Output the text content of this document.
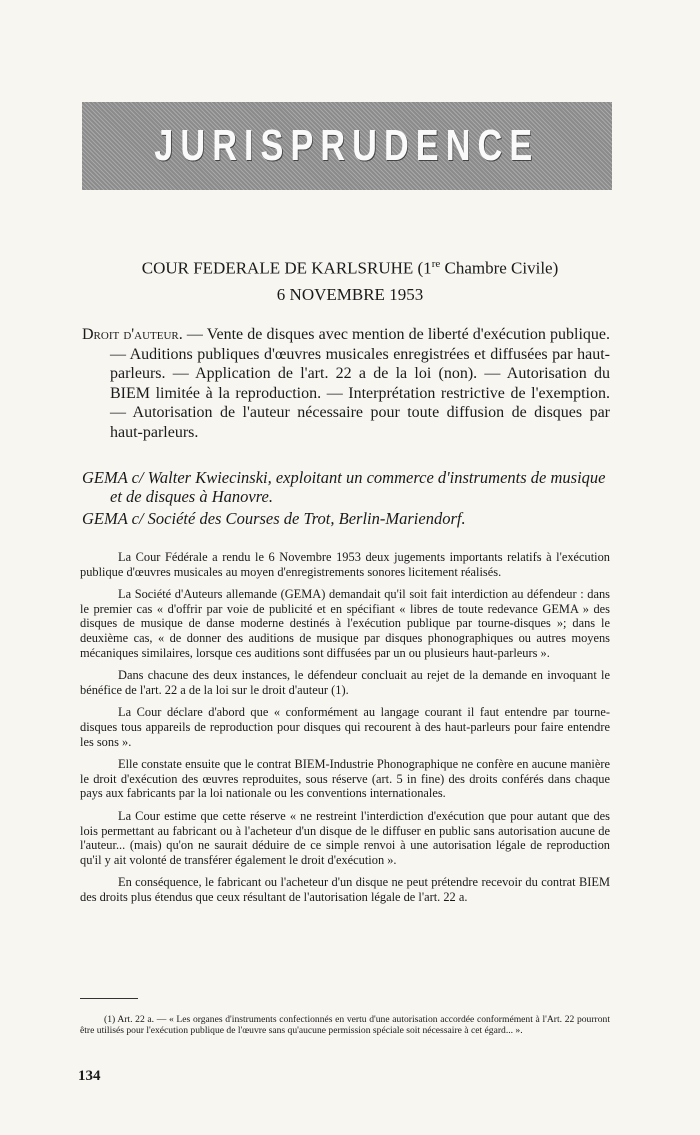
JURISPRUDENCE
COUR FEDERALE DE KARLSRUHE (1re Chambre Civile)
6 NOVEMBRE 1953
Droit d'auteur. — Vente de disques avec mention de liberté d'exécution publique. — Auditions publiques d'œuvres musicales enregistrées et diffusées par haut-parleurs. — Application de l'art. 22 a de la loi (non). — Autorisation du BIEM limitée à la reproduction. — Interprétation restrictive de l'exemption. — Autorisation de l'auteur nécessaire pour toute diffusion de disques par haut-parleurs.
GEMA c/ Walter Kwiecinski, exploitant un commerce d'instruments de musique et de disques à Hanovre.
GEMA c/ Société des Courses de Trot, Berlin-Mariendorf.

La Cour Fédérale a rendu le 6 Novembre 1953 deux jugements importants relatifs à l'exécution publique d'œuvres musicales au moyen d'enregistrements sonores licitement réalisés.

La Société d'Auteurs allemande (GEMA) demandait qu'il soit fait interdiction au défendeur : dans le premier cas « d'offrir par voie de publicité et en spécifiant « libres de toute redevance GEMA » des disques de musique de danse moderne destinés à l'exécution publique par tourne-disques »; dans le deuxième cas, « de donner des auditions de musique par disques phonographiques ou autres moyens mécaniques similaires, lorsque ces auditions sont diffusées par un ou plusieurs haut-parleurs ».

Dans chacune des deux instances, le défendeur concluait au rejet de la demande en invoquant le bénéfice de l'art. 22 a de la loi sur le droit d'auteur (1).

La Cour déclare d'abord que « conformément au langage courant il faut entendre par tourne-disques tous appareils de reproduction pour disques qui recourent à des haut-parleurs pour faire entendre les sons ».

Elle constate ensuite que le contrat BIEM-Industrie Phonographique ne confère en aucune manière le droit d'exécution des œuvres reproduites, sous réserve (art. 5 in fine) des droits conférés dans chaque pays aux fabricants par la loi nationale ou les conventions internationales.

La Cour estime que cette réserve « ne restreint l'interdiction d'exécution que pour autant que des lois permettant au fabricant ou à l'acheteur d'un disque de le diffuser en public sans autorisation aucune de l'auteur... (mais) qu'on ne saurait déduire de ce simple renvoi à une autorisation légale de reproduction qu'il y ait volonté de transférer également le droit d'exécution ».

En conséquence, le fabricant ou l'acheteur d'un disque ne peut prétendre recevoir du contrat BIEM des droits plus étendus que ceux résultant de l'autorisation légale de l'art. 22 a.

(1) Art. 22 a. — « Les organes d'instruments confectionnés en vertu d'une autorisation accordée conformément à l'Art. 22 pourront être utilisés pour l'exécution publique de l'œuvre sans qu'aucune permission spéciale soit nécessaire à cet égard... ».
134
